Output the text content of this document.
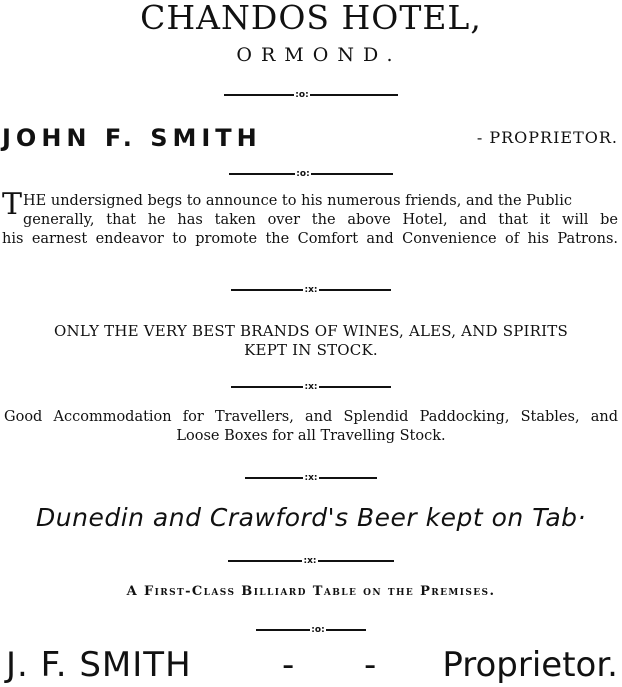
CHANDOS HOTEL,
ORMOND.
:o:
JOHN F. SMITH	- PROPRIETOR.
:o:
T HE undersigned begs to announce to his numerous friends, and the Public
generally, that he has taken over the above Hotel, and that it will be
his earnest endeavor to promote the Comfort and Convenience of his Patrons.
:x:
ONLY THE VERY BEST BRANDS OF WINES, ALES, AND SPIRITS
KEPT IN STOCK.
:x:
Good Accommodation for Travellers, and Splendid Paddocking, Stables, and
Loose Boxes for all Travelling Stock.
:x:
Dunedin and Crawford's Beer kept on Tab·
:x:
A First-Class Billiard Table on the Premises.
:o:
J. F. SMITH	- - Proprietor.
